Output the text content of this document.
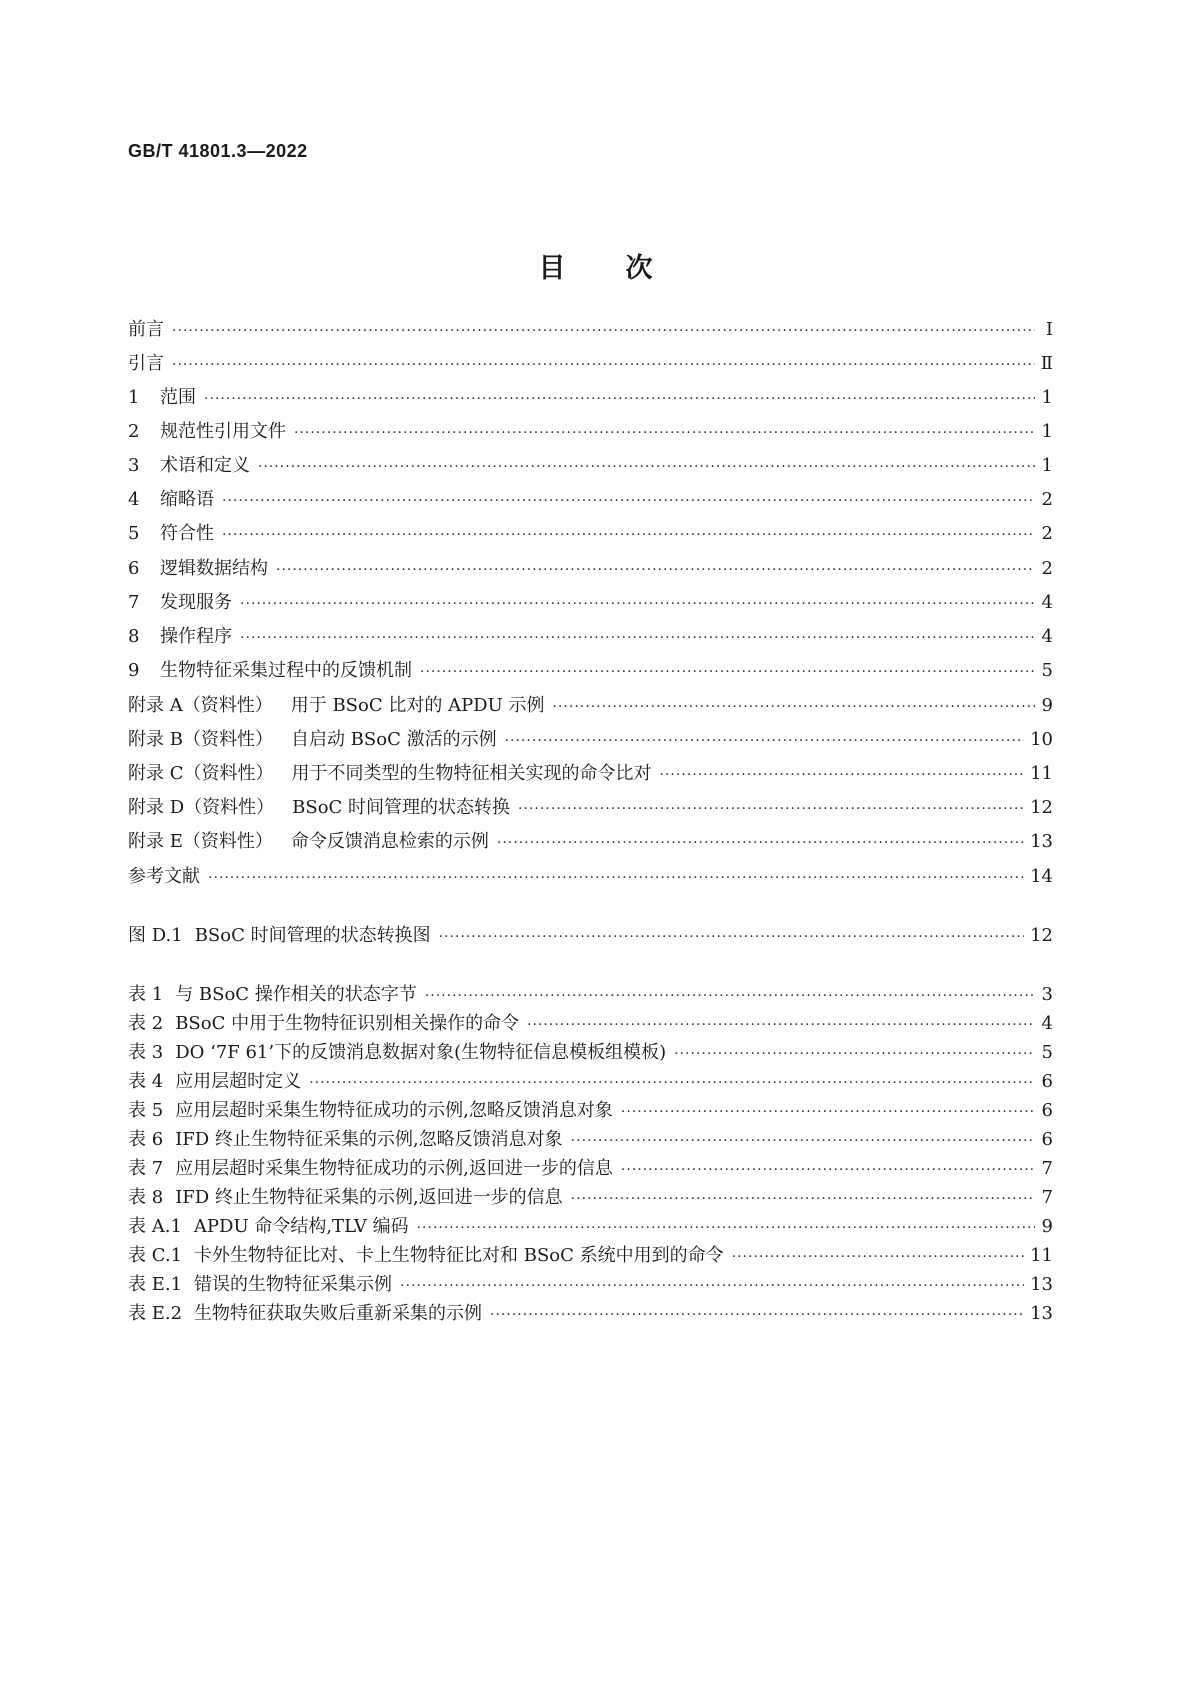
GB/T 41801.3—2022
目次
前言 ·····	Ⅰ
引言 ·····	Ⅱ
1	范围 ·····	1
2	规范性引用文件 ·····	1
3	术语和定义 ·····	1
4	缩略语 ·····	2
5	符合性 ·····	2
6	逻辑数据结构 ·····	2
7	发现服务 ·····	4
8	操作程序 ·····	4
9	生物特征采集过程中的反馈机制 ·····	5
附录 A（资料性） 用于 BSoC 比对的 APDU 示例 ·····	9
附录 B（资料性） 自启动 BSoC 激活的示例 ·····	10
附录 C（资料性） 用于不同类型的生物特征相关实现的命令比对 ·····	11
附录 D（资料性） BSoC 时间管理的状态转换 ·····	12
附录 E（资料性） 命令反馈消息检索的示例 ·····	13
参考文献 ·····	14
图 D.1 BSoC 时间管理的状态转换图 ·····	12
表 1 与 BSoC 操作相关的状态字节 ·····	3
表 2 BSoC 中用于生物特征识别相关操作的命令 ·····	4
表 3 DO ‘7F 61’下的反馈消息数据对象(生物特征信息模板组模板) ·····	5
表 4 应用层超时定义 ·····	6
表 5 应用层超时采集生物特征成功的示例,忽略反馈消息对象 ·····	6
表 6 IFD 终止生物特征采集的示例,忽略反馈消息对象 ·····	6
表 7 应用层超时采集生物特征成功的示例,返回进一步的信息 ·····	7
表 8 IFD 终止生物特征采集的示例,返回进一步的信息 ·····	7
表 A.1 APDU 命令结构,TLV 编码 ·····	9
表 C.1 卡外生物特征比对、卡上生物特征比对和 BSoC 系统中用到的命令 ·····	11
表 E.1 错误的生物特征采集示例 ·····	13
表 E.2 生物特征获取失败后重新采集的示例 ·····	13
